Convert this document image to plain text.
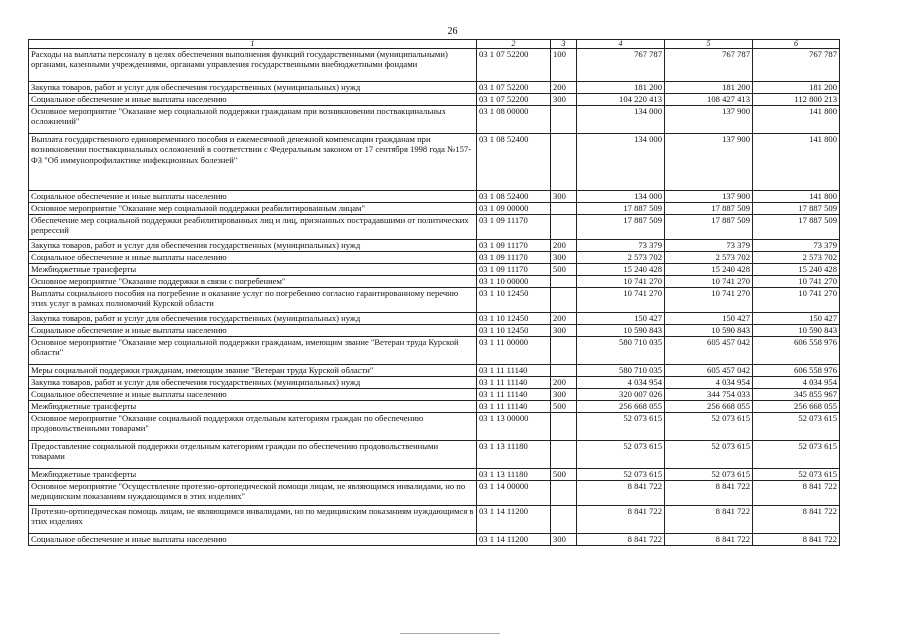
26
1	2	3	4	5	6
Расходы на выплаты персоналу в целях обеспечения выполнения функций государственными (муниципальными) органами, казенными учреждениями, органами управления государственными внебюджетными фондами	03 1 07 52200	100	767 787	767 787	767 787
Закупка товаров, работ и услуг для обеспечения государственных (муниципальных) нужд	03 1 07 52200	200	181 200	181 200	181 200
Социальное обеспечение и иные выплаты населению	03 1 07 52200	300	104 220 413	108 427 413	112 800 213
Основное мероприятие "Оказание мер социальной поддержки гражданам при возникновении поствакцинальных осложнений"	03 1 08 00000		134 000	137 900	141 800
Выплата государственного единовременного пособия и ежемесячной денежной компенсации гражданам при возникновении поствакцинальных осложнений в соответствии с Федеральным законом от 17 сентября 1998 года №157-ФЗ "Об иммунопрофилактике инфекционных болезней"	03 1 08 52400		134 000	137 900	141 800
Социальное обеспечение и иные выплаты населению	03 1 08 52400	300	134 000	137 900	141 800
Основное мероприятие "Оказание мер социальной поддержки реабилитированным лицам"	03 1 09 00000		17 887 509	17 887 509	17 887 509
Обеспечение мер социальной поддержки реабилитированных лиц и лиц, признанных пострадавшими от политических репрессий	03 1 09 11170		17 887 509	17 887 509	17 887 509
Закупка товаров, работ и услуг для обеспечения государственных (муниципальных) нужд	03 1 09 11170	200	73 379	73 379	73 379
Социальное обеспечение и иные выплаты населению	03 1 09 11170	300	2 573 702	2 573 702	2 573 702
Межбюджетные трансферты	03 1 09 11170	500	15 240 428	15 240 428	15 240 428
Основное мероприятие "Оказание поддержки в связи с погребением"	03 1 10 00000		10 741 270	10 741 270	10 741 270
Выплаты социального пособия на погребение и оказание услуг по погребению согласно гарантированному перечню этих услуг в рамках полномочий Курской области	03 1 10 12450		10 741 270	10 741 270	10 741 270
Закупка товаров, работ и услуг для обеспечения государственных (муниципальных) нужд	03 1 10 12450	200	150 427	150 427	150 427
Социальное обеспечение и иные выплаты населению	03 1 10 12450	300	10 590 843	10 590 843	10 590 843
Основное мероприятие "Оказание мер социальной поддержки гражданам, имеющим звание "Ветеран труда Курской области"	03 1 11 00000		580 710 035	605 457 042	606 558 976
Меры социальной поддержки гражданам, имеющим звание "Ветеран труда Курской области"	03 1 11 11140		580 710 035	605 457 042	606 558 976
Закупка товаров, работ и услуг для обеспечения государственных (муниципальных) нужд	03 1 11 11140	200	4 034 954	4 034 954	4 034 954
Социальное обеспечение и иные выплаты населению	03 1 11 11140	300	320 007 026	344 754 033	345 855 967
Межбюджетные трансферты	03 1 11 11140	500	256 668 055	256 668 055	256 668 055
Основное мероприятие "Оказание социальной поддержки отдельным категориям граждан по обеспечению продовольственными товарами"	03 1 13 00000		52 073 615	52 073 615	52 073 615
Предоставление социальной поддержки отдельным категориям граждан по обеспечению продовольственными товарами	03 1 13 11180		52 073 615	52 073 615	52 073 615
Межбюджетные трансферты	03 1 13 11180	500	52 073 615	52 073 615	52 073 615
Основное мероприятие "Осуществление протезно-ортопедической помощи лицам, не являющимся инвалидами, но по медицинским показаниям нуждающимся в этих изделиях"	03 1 14 00000		8 841 722	8 841 722	8 841 722
Протезно-ортопедическая помощь лицам, не являющимся инвалидами, но по медицинским показаниям нуждающимся в этих изделиях	03 1 14 11200		8 841 722	8 841 722	8 841 722
Социальное обеспечение и иные выплаты населению	03 1 14 11200	300	8 841 722	8 841 722	8 841 722
